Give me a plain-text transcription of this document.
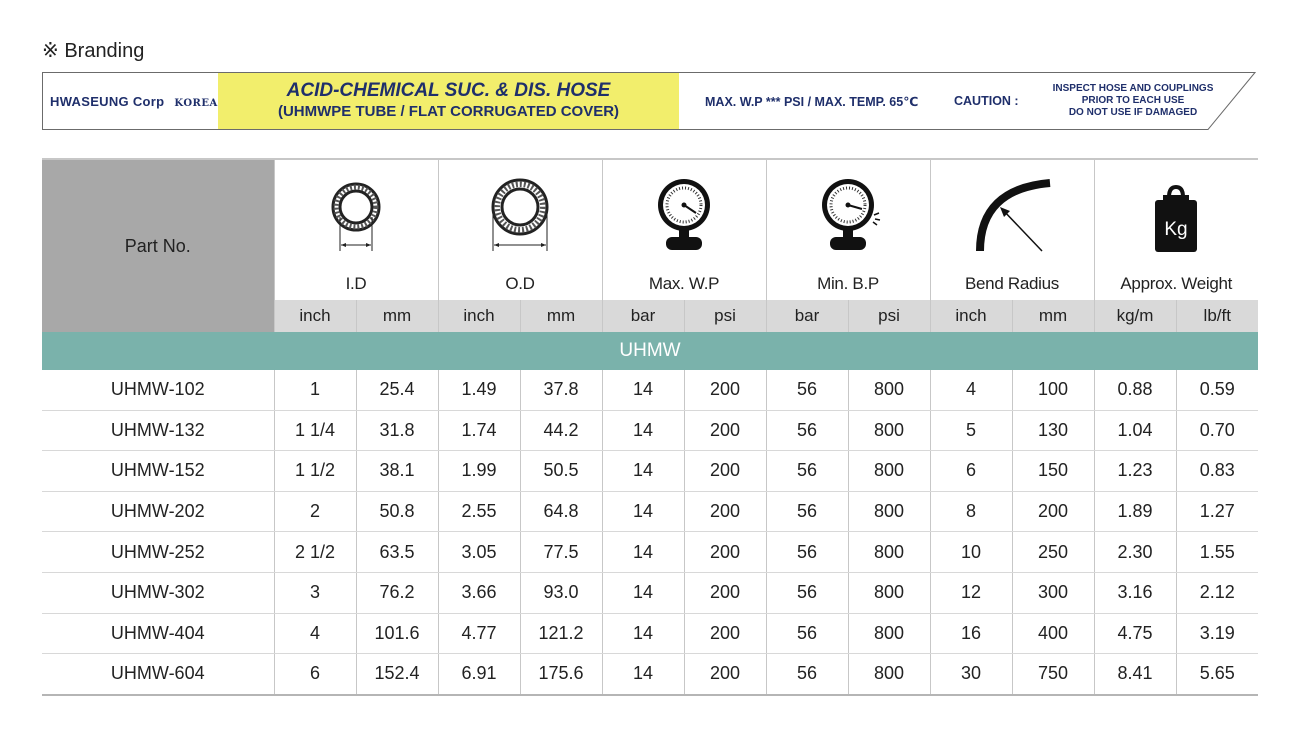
※ Branding
HWASEUNG Corp KOREA
ACID-CHEMICAL SUC. & DIS. HOSE
(UHMWPE TUBE / FLAT CORRUGATED COVER)
MAX. W.P *** PSI / MAX. TEMP. 65℃	CAUTION :
INSPECT HOSE AND COUPLINGS
PRIOR TO EACH USE
DO NOT USE IF DAMAGED
Part No.											Kg	

	I.D		O.D		Max. W.P		Min. B.P		Bend Radius		Approx. Weight	
	inch	mm	inch	mm	bar	psi	bar	psi	inch	mm	kg/m	lb/ft
UHMW												
UHMW-102	1	25.4	1.49	37.8	14	200	56	800	4	100	0.88	0.59
UHMW-132	1 1/4	31.8	1.74	44.2	14	200	56	800	5	130	1.04	0.70
UHMW-152	1 1/2	38.1	1.99	50.5	14	200	56	800	6	150	1.23	0.83
UHMW-202	2	50.8	2.55	64.8	14	200	56	800	8	200	1.89	1.27
UHMW-252	2 1/2	63.5	3.05	77.5	14	200	56	800	10	250	2.30	1.55
UHMW-302	3	76.2	3.66	93.0	14	200	56	800	12	300	3.16	2.12
UHMW-404	4	101.6	4.77	121.2	14	200	56	800	16	400	4.75	3.19
UHMW-604	6	152.4	6.91	175.6	14	200	56	800	30	750	8.41	5.65
